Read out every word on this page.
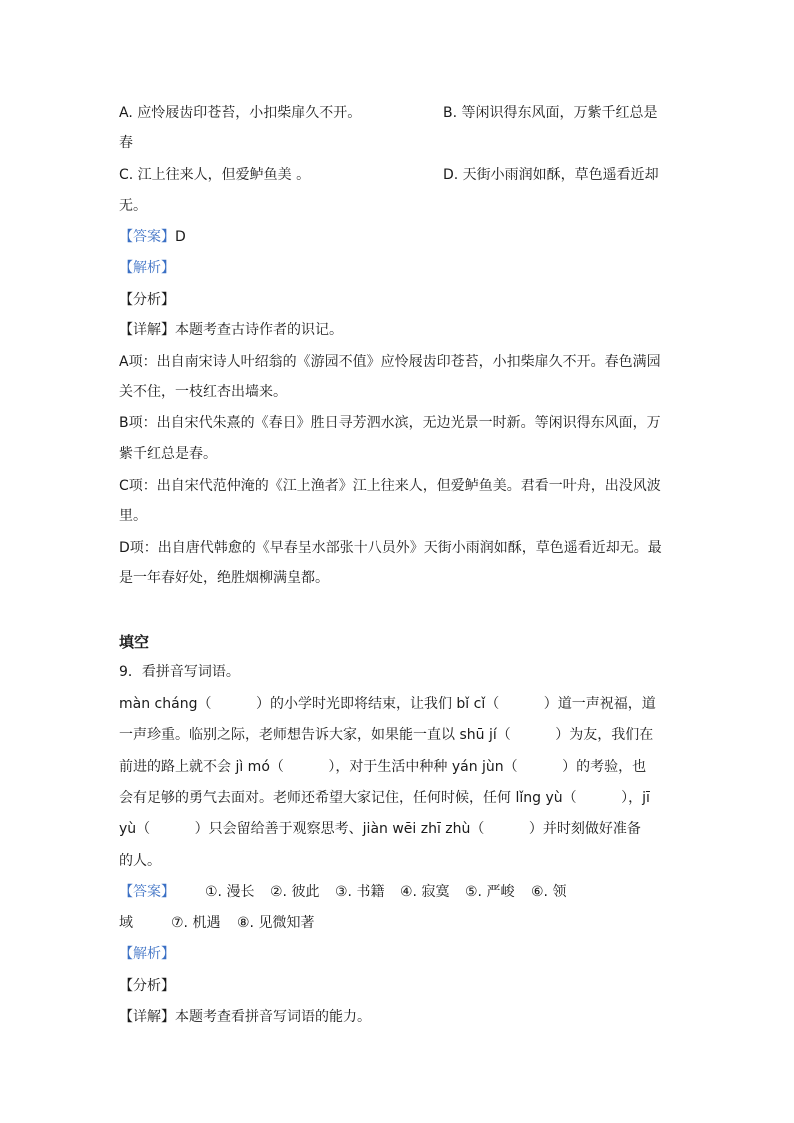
A. 应怜屐齿印苍苔，小扣柴扉久不开。	B. 等闲识得东风面，万紫千红总是
春
C. 江上往来人，但爱鲈鱼美 。	D. 天街小雨润如酥，草色遥看近却
无。
【答案】D
【解析】
【分析】
【详解】本题考查古诗作者的识记。
A项：出自南宋诗人叶绍翁的《游园不值》应怜屐齿印苍苔，小扣柴扉久不开。春色满园
关不住，一枝红杏出墙来。
B项：出自宋代朱熹的《春日》胜日寻芳泗水滨，无边光景一时新。等闲识得东风面，万
紫千红总是春。
C项：出自宋代范仲淹的《江上渔者》江上往来人，但爱鲈鱼美。君看一叶舟，出没风波
里。
D项：出自唐代韩愈的《早春呈水部张十八员外》天街小雨润如酥，草色遥看近却无。最
是一年春好处，绝胜烟柳满皇都。
填空
9．看拼音写词语。
màn cháng（          ）的小学时光即将结束，让我们 bǐ cǐ（          ）道一声祝福，道
一声珍重。临别之际，老师想告诉大家，如果能一直以 shū jí（          ）为友，我们在
前进的路上就不会 jì mó（          ），对于生活中种种 yán jùn（          ）的考验，也
会有足够的勇气去面对。老师还希望大家记住，任何时候，任何 lǐng yù（          ），jī
yù（          ）只会留给善于观察思考、jiàn wēi zhī zhù（          ）并时刻做好准备
的人。
【答案】 ①. 漫长 ②. 彼此 ③. 书籍 ④. 寂寞 ⑤. 严峻 ⑥. 领
域	⑦. 机遇 ⑧. 见微知著
【解析】
【分析】
【详解】本题考查看拼音写词语的能力。
